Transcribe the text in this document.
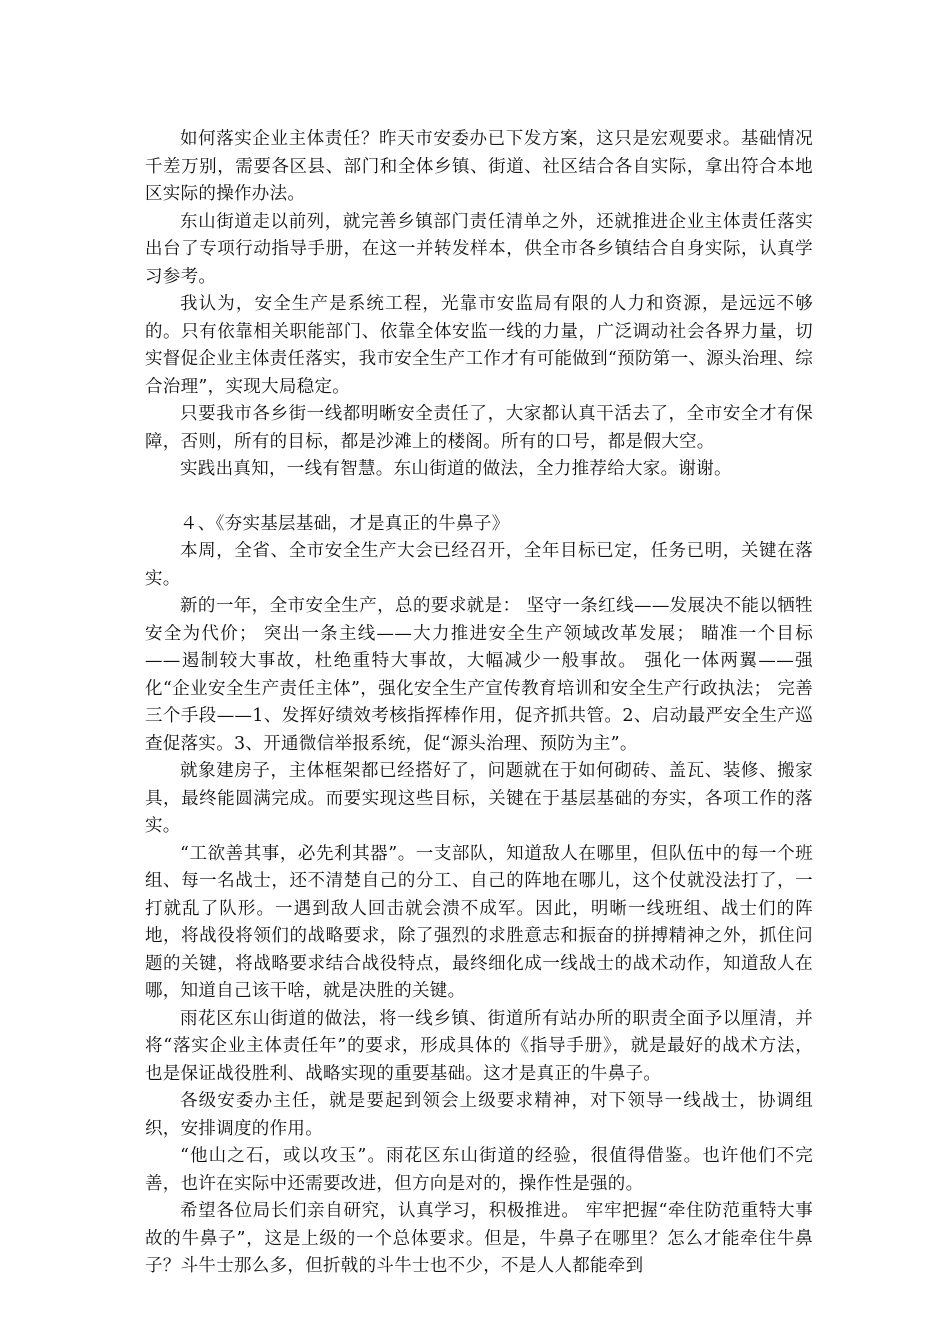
如何落实企业主体责任？昨天市安委办已下发方案，这只是宏观要求。基础情况千差万别，需要各区县、部门和全体乡镇、街道、社区结合各自实际，拿出符合本地区实际的操作办法。

东山街道走以前列，就完善乡镇部门责任清单之外，还就推进企业主体责任落实出台了专项行动指导手册，在这一并转发样本，供全市各乡镇结合自身实际，认真学习参考。

我认为，安全生产是系统工程，光靠市安监局有限的人力和资源，是远远不够的。只有依靠相关职能部门、依靠全体安监一线的力量，广泛调动社会各界力量，切实督促企业主体责任落实，我市安全生产工作才有可能做到“预防第一、源头治理、综合治理”，实现大局稳定。

只要我市各乡街一线都明晰安全责任了，大家都认真干活去了，全市安全才有保障，否则，所有的目标，都是沙滩上的楼阁。所有的口号，都是假大空。

实践出真知，一线有智慧。东山街道的做法，全力推荐给大家。谢谢。

４、《夯实基层基础，才是真正的牛鼻子》

本周，全省、全市安全生产大会已经召开，全年目标已定，任务已明，关键在落实。

新的一年，全市安全生产，总的要求就是： 坚守一条红线——发展决不能以牺牲安全为代价； 突出一条主线——大力推进安全生产领域改革发展； 瞄准一个目标——遏制较大事故，杜绝重特大事故，大幅减少一般事故。 强化一体两翼——强化“企业安全生产责任主体”，强化安全生产宣传教育培训和安全生产行政执法； 完善三个手段——1、发挥好绩效考核指挥棒作用，促齐抓共管。2、启动最严安全生产巡查促落实。3、开通微信举报系统，促“源头治理、预防为主”。

就象建房子，主体框架都已经搭好了，问题就在于如何砌砖、盖瓦、装修、搬家具，最终能圆满完成。而要实现这些目标，关键在于基层基础的夯实，各项工作的落实。

“工欲善其事，必先利其器”。一支部队，知道敌人在哪里，但队伍中的每一个班组、每一名战士，还不清楚自己的分工、自己的阵地在哪儿，这个仗就没法打了，一打就乱了队形。一遇到敌人回击就会溃不成军。因此，明晰一线班组、战士们的阵地，将战役将领们的战略要求，除了强烈的求胜意志和振奋的拼搏精神之外，抓住问题的关键，将战略要求结合战役特点，最终细化成一线战士的战术动作，知道敌人在哪，知道自己该干啥，就是决胜的关键。

雨花区东山街道的做法，将一线乡镇、街道所有站办所的职责全面予以厘清，并将“落实企业主体责任年”的要求，形成具体的《指导手册》，就是最好的战术方法，也是保证战役胜利、战略实现的重要基础。这才是真正的牛鼻子。

各级安委办主任，就是要起到领会上级要求精神，对下领导一线战士，协调组织，安排调度的作用。

“他山之石，或以攻玉”。雨花区东山街道的经验，很值得借鉴。也许他们不完善，也许在实际中还需要改进，但方向是对的，操作性是强的。

希望各位局长们亲自研究，认真学习，积极推进。 牢牢把握“牵住防范重特大事故的牛鼻子”，这是上级的一个总体要求。但是，牛鼻子在哪里？怎么才能牵住牛鼻子？斗牛士那么多，但折戟的斗牛士也不少，不是人人都能牵到
